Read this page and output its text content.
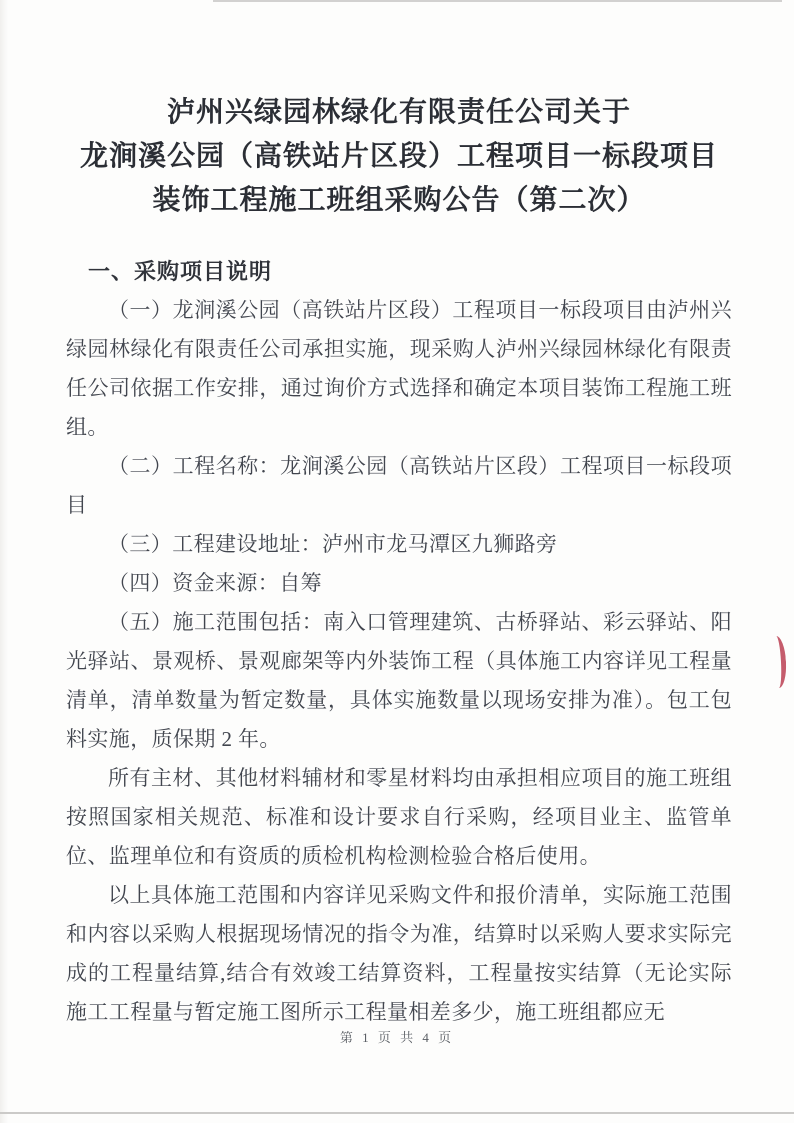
泸州兴绿园林绿化有限责任公司关于
龙涧溪公园（高铁站片区段）工程项目一标段项目
装饰工程施工班组采购公告（第二次）
一、采购项目说明

（一）龙涧溪公园（高铁站片区段）工程项目一标段项目由泸州兴绿园林绿化有限责任公司承担实施，现采购人泸州兴绿园林绿化有限责任公司依据工作安排，通过询价方式选择和确定本项目装饰工程施工班组。

（二）工程名称：龙涧溪公园（高铁站片区段）工程项目一标段项目

（三）工程建设地址：泸州市龙马潭区九狮路旁

（四）资金来源：自筹

（五）施工范围包括：南入口管理建筑、古桥驿站、彩云驿站、阳光驿站、景观桥、景观廊架等内外装饰工程（具体施工内容详见工程量清单，清单数量为暂定数量，具体实施数量以现场安排为准）。包工包料实施，质保期 2 年。

所有主材、其他材料辅材和零星材料均由承担相应项目的施工班组按照国家相关规范、标准和设计要求自行采购，经项目业主、监管单位、监理单位和有资质的质检机构检测检验合格后使用。

以上具体施工范围和内容详见采购文件和报价清单，实际施工范围和内容以采购人根据现场情况的指令为准，结算时以采购人要求实际完成的工程量结算,结合有效竣工结算资料，工程量按实结算（无论实际施工工程量与暂定施工图所示工程量相差多少，施工班组都应无

第 1 页 共 4 页
